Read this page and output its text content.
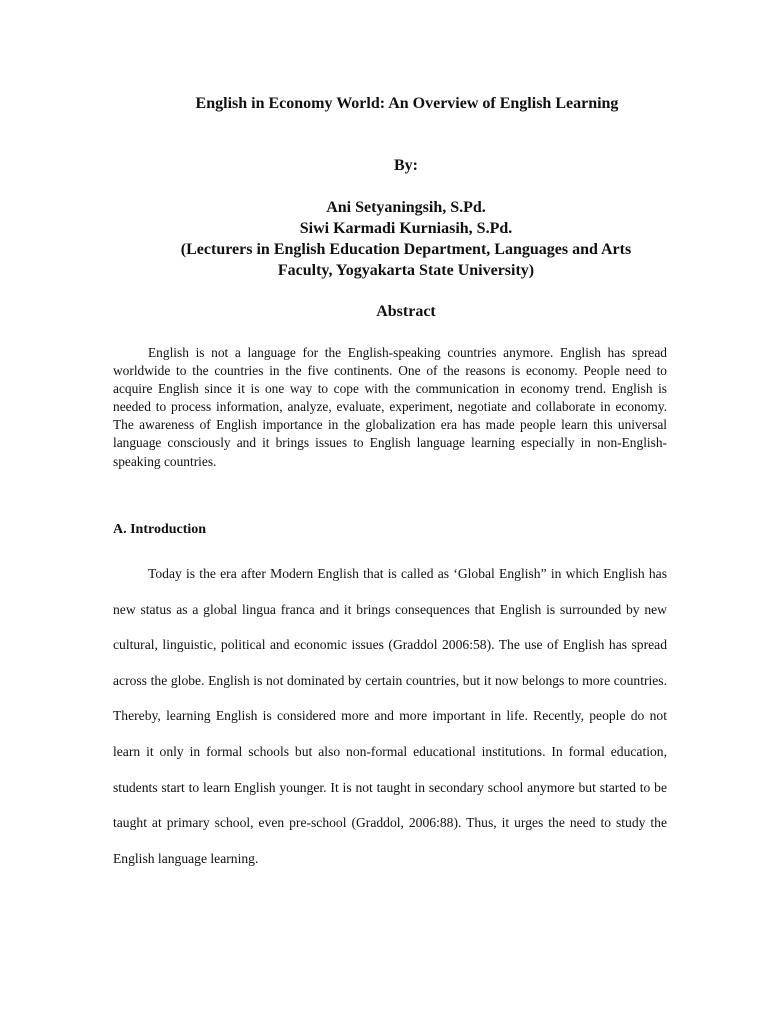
English in Economy World: An Overview of English Learning
By:
Ani Setyaningsih, S.Pd.
Siwi Karmadi Kurniasih, S.Pd.
(Lecturers in English Education Department, Languages and Arts
Faculty, Yogyakarta State University)
Abstract

English is not a language for the English-speaking countries anymore. English has spread worldwide to the countries in the five continents. One of the reasons is economy. People need to acquire English since it is one way to cope with the communication in economy trend. English is needed to process information, analyze, evaluate, experiment, negotiate and collaborate in economy. The awareness of English importance in the globalization era has made people learn this universal language consciously and it brings issues to English language learning especially in non-English-speaking countries.

A. Introduction

Today is the era after Modern English that is called as ‘Global English” in which English has new status as a global lingua franca and it brings consequences that English is surrounded by new cultural, linguistic, political and economic issues (Graddol 2006:58). The use of English has spread across the globe. English is not dominated by certain countries, but it now belongs to more countries. Thereby, learning English is considered more and more important in life. Recently, people do not learn it only in formal schools but also non-formal educational institutions. In formal education, students start to learn English younger. It is not taught in secondary school anymore but started to be taught at primary school, even pre-school (Graddol, 2006:88). Thus, it urges the need to study the English language learning.
